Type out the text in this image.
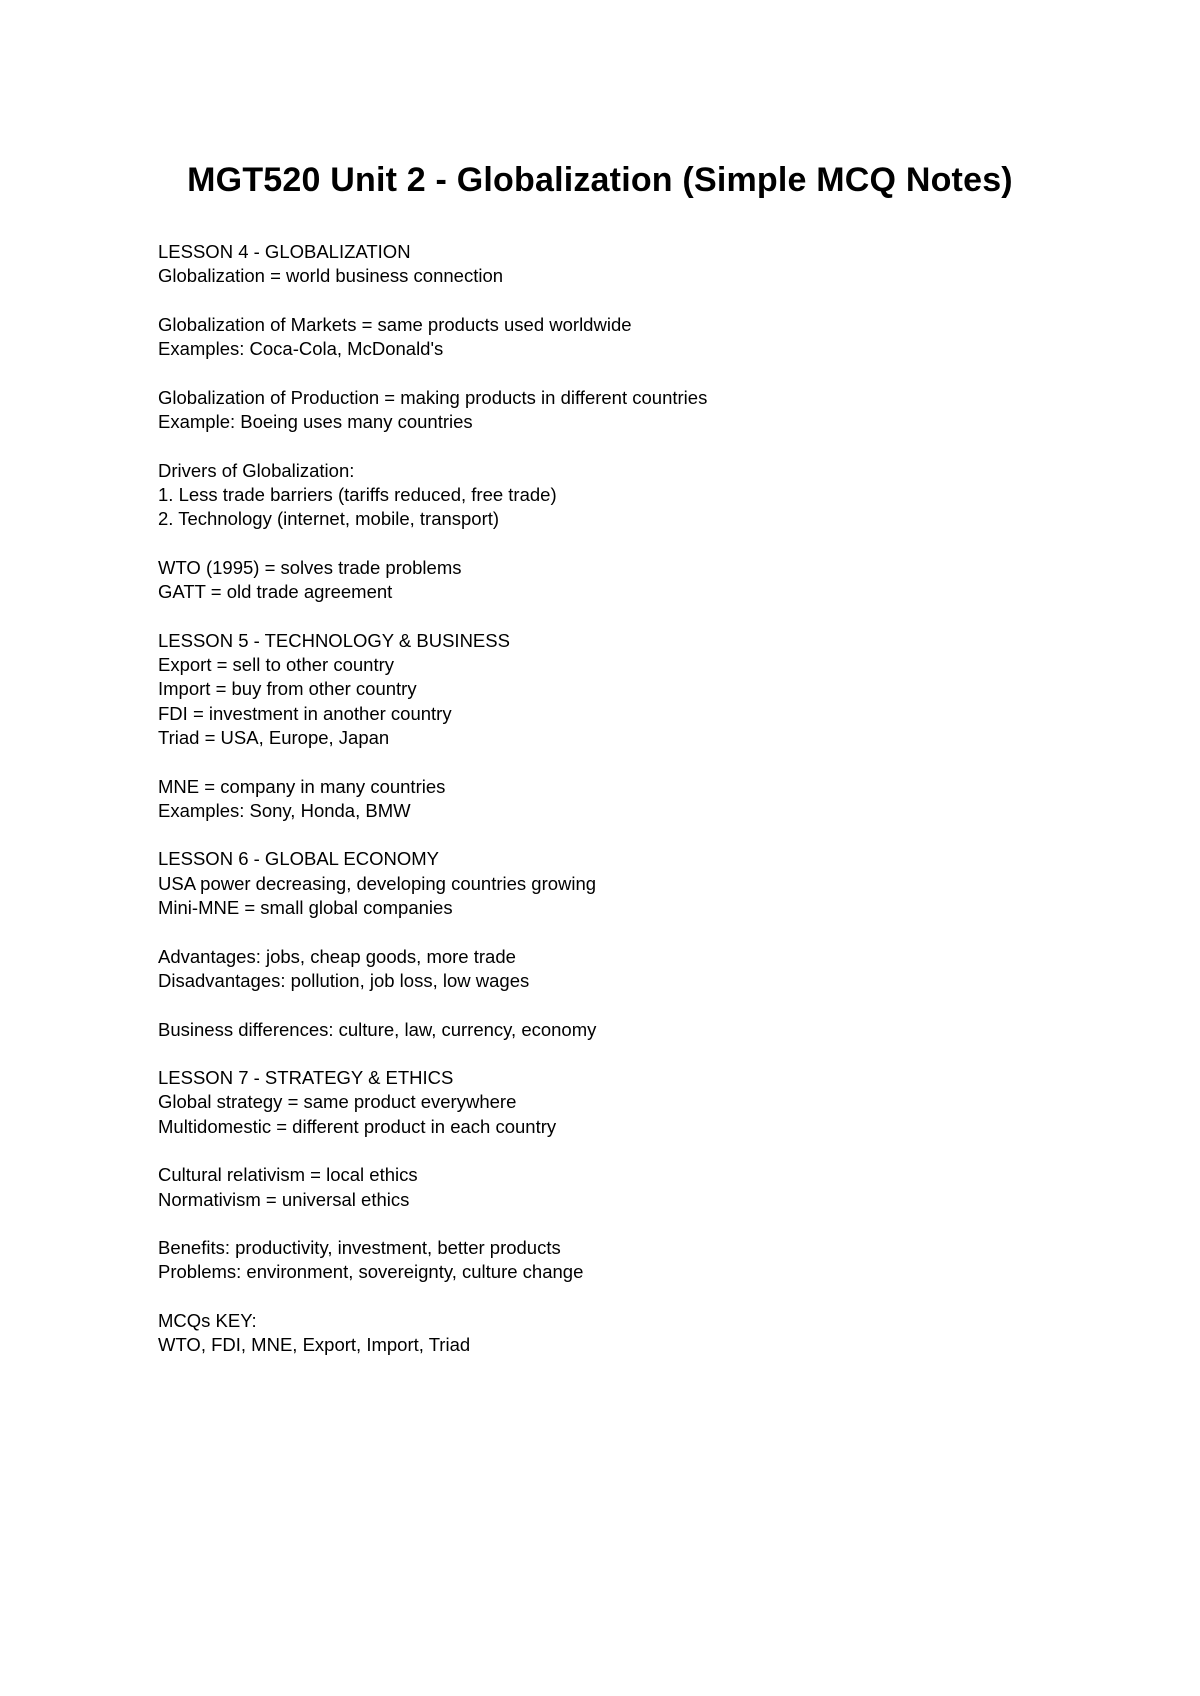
MGT520 Unit 2 - Globalization (Simple MCQ Notes)
LESSON 4 - GLOBALIZATION
Globalization = world business connection
Globalization of Markets = same products used worldwide
Examples: Coca-Cola, McDonald's
Globalization of Production = making products in different countries
Example: Boeing uses many countries
Drivers of Globalization:
1. Less trade barriers (tariffs reduced, free trade)
2. Technology (internet, mobile, transport)
WTO (1995) = solves trade problems
GATT = old trade agreement
LESSON 5 - TECHNOLOGY & BUSINESS
Export = sell to other country
Import = buy from other country
FDI = investment in another country
Triad = USA, Europe, Japan
MNE = company in many countries
Examples: Sony, Honda, BMW
LESSON 6 - GLOBAL ECONOMY
USA power decreasing, developing countries growing
Mini-MNE = small global companies
Advantages: jobs, cheap goods, more trade
Disadvantages: pollution, job loss, low wages
Business differences: culture, law, currency, economy
LESSON 7 - STRATEGY & ETHICS
Global strategy = same product everywhere
Multidomestic = different product in each country
Cultural relativism = local ethics
Normativism = universal ethics
Benefits: productivity, investment, better products
Problems: environment, sovereignty, culture change
MCQs KEY:
WTO, FDI, MNE, Export, Import, Triad
